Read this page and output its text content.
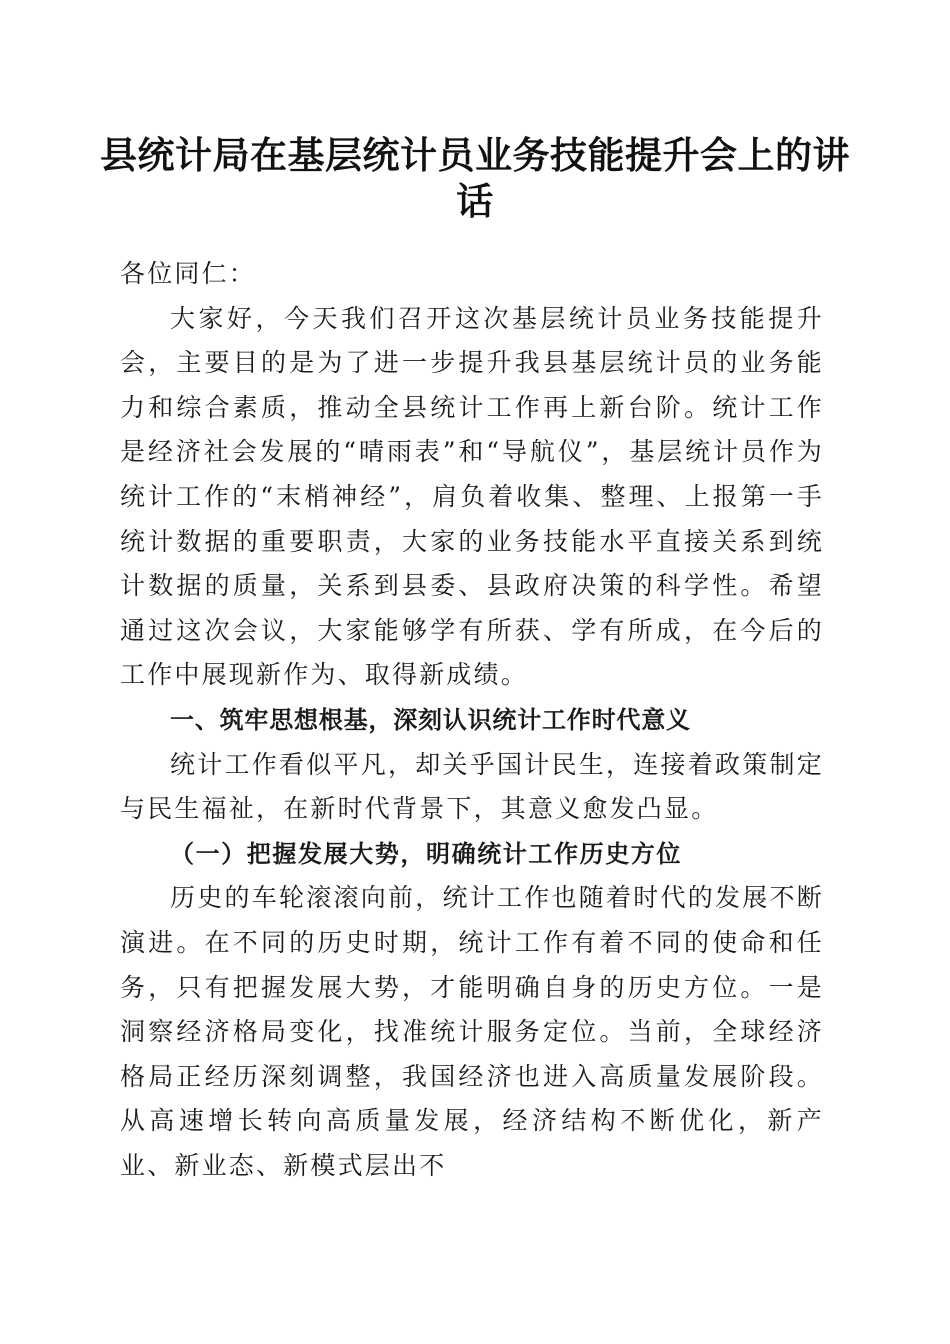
县统计局在基层统计员业务技能提升会上的讲话

各位同仁：

大家好，今天我们召开这次基层统计员业务技能提升会，主要目的是为了进一步提升我县基层统计员的业务能力和综合素质，推动全县统计工作再上新台阶。统计工作是经济社会发展的“晴雨表”和“导航仪”，基层统计员作为统计工作的“末梢神经”，肩负着收集、整理、上报第一手统计数据的重要职责，大家的业务技能水平直接关系到统计数据的质量，关系到县委、县政府决策的科学性。希望通过这次会议，大家能够学有所获、学有所成，在今后的工作中展现新作为、取得新成绩。

一、筑牢思想根基，深刻认识统计工作时代意义

统计工作看似平凡，却关乎国计民生，连接着政策制定与民生福祉，在新时代背景下，其意义愈发凸显。

（一）把握发展大势，明确统计工作历史方位

历史的车轮滚滚向前，统计工作也随着时代的发展不断演进。在不同的历史时期，统计工作有着不同的使命和任务，只有把握发展大势，才能明确自身的历史方位。一是洞察经济格局变化，找准统计服务定位。当前，全球经济格局正经历深刻调整，我国经济也进入高质量发展阶段。从高速增长转向高质量发展，经济结构不断优化，新产业、新业态、新模式层出不
